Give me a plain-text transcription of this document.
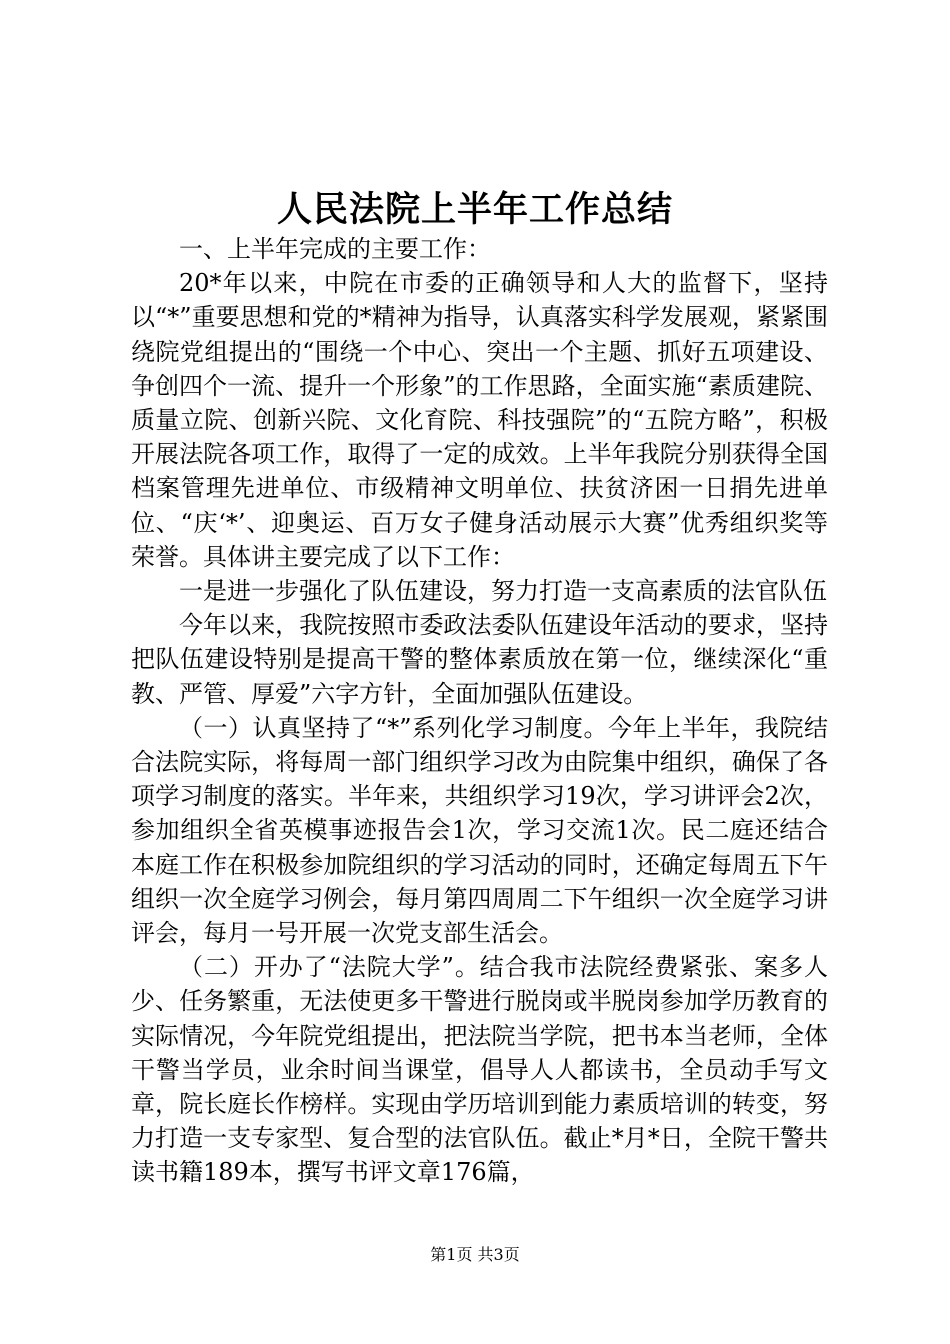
人民法院上半年工作总结

一、上半年完成的主要工作：

20*年以来，中院在市委的正确领导和人大的监督下，坚持以“*”重要思想和党的*精神为指导，认真落实科学发展观，紧紧围绕院党组提出的“围绕一个中心、突出一个主题、抓好五项建设、争创四个一流、提升一个形象”的工作思路，全面实施“素质建院、质量立院、创新兴院、文化育院、科技强院”的“五院方略”，积极开展法院各项工作，取得了一定的成效。上半年我院分别获得全国档案管理先进单位、市级精神文明单位、扶贫济困一日捐先进单位、“庆‘*’、迎奥运、百万女子健身活动展示大赛”优秀组织奖等荣誉。具体讲主要完成了以下工作：

一是进一步强化了队伍建设，努力打造一支高素质的法官队伍

今年以来，我院按照市委政法委队伍建设年活动的要求，坚持把队伍建设特别是提高干警的整体素质放在第一位，继续深化“重教、严管、厚爱”六字方针，全面加强队伍建设。

（一）认真坚持了“*”系列化学习制度。今年上半年，我院结合法院实际，将每周一部门组织学习改为由院集中组织，确保了各项学习制度的落实。半年来，共组织学习19次，学习讲评会2次，参加组织全省英模事迹报告会1次，学习交流1次。民二庭还结合本庭工作在积极参加院组织的学习活动的同时，还确定每周五下午组织一次全庭学习例会，每月第四周周二下午组织一次全庭学习讲评会，每月一号开展一次党支部生活会。

（二）开办了“法院大学”。结合我市法院经费紧张、案多人少、任务繁重，无法使更多干警进行脱岗或半脱岗参加学历教育的实际情况，今年院党组提出，把法院当学院，把书本当老师，全体干警当学员，业余时间当课堂，倡导人人都读书，全员动手写文章，院长庭长作榜样。实现由学历培训到能力素质培训的转变，努力打造一支专家型、复合型的法官队伍。截止*月*日，全院干警共读书籍189本，撰写书评文章176篇，

第1页 共3页
